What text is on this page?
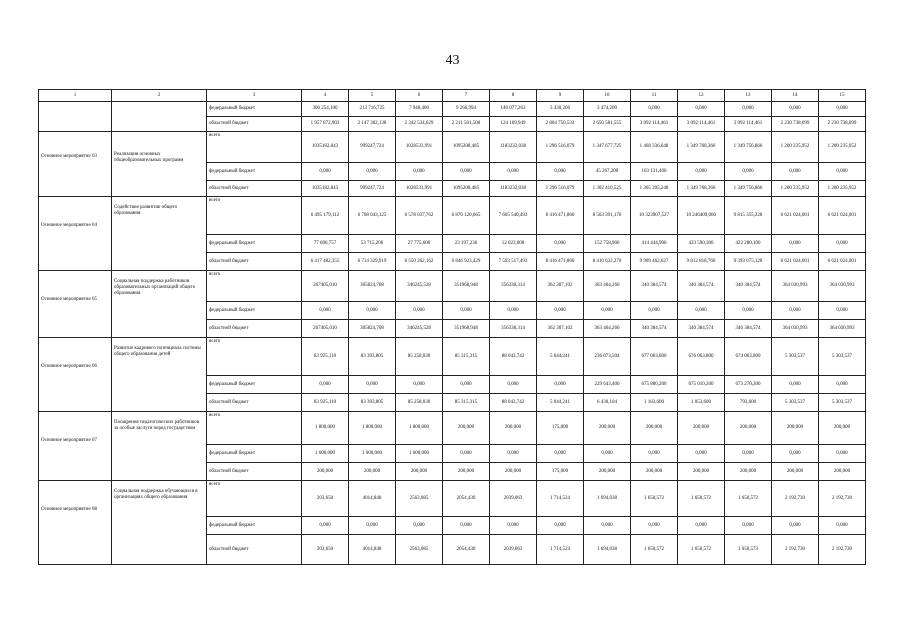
43
1	2	3	4	5	6	7	8	9	10	11	12	13	14	15
		федеральный бюджет	306 254,100	213 716,725	7 940,400	9 266,994	140 077,263	3 430,266	3 474,200	0,000	0,000	0,000	0,000	0,000
		областной бюджет	1 957 872,903	2 147 382,138	2 342 534,629	2 211 501,500	124 169,949	2 804 750,533	2 650 581,555	3 092 114,461	3 092 114,461	3 092 114,461	2 230 738,099	2 230 738,099
Основное мероприятие 03	Реализация основных общеобразовательных программ	всего	1035182,843	999247,724	1028533,991	1095208,485	1183232,038	1 296 516,079	1 347 677,725	1 468 336,648	1 349 768,366	1 349 756,866	1 200 235,952	1 200 235,952
		федеральный бюджет	0,000	0,000	0,000	0,000	0,000	0,000	45 267,200	103 131,400	0,000	0,000	0,000	0,000
		областной бюджет	1035182,843	999247,724	1028533,991	1095208,485	1183232,038	1 296 516,079	1 302 410,525	1 365 205,248	1 349 768,366	1 349 756,866	1 200 235,952	1 200 235,952
Основное мероприятие 04	Содействие развитию общего образования	всего	6 495 179,112	6 768 043,125	6 578 037,762	6 870 120,665	7 605 540,493	8 416 471,860	8 563 391,170	10 323907,527	10 246409,060	9 815 355,228	6 621 024,001	6 621 024,001
		федеральный бюджет	77 696,757	53 715,206	27 775,600	23 197,236	12 023,000	0,000	152 758,900	414 444,900	433 590,300	422 280,100	0,000	0,000
		областной бюджет	6 417 482,355	6 714 329,919	6 550 262,162	6 846 923,429	7 593 517,493	8 416 471,860	8 410 632,270	9 909 462,627	9 812 818,760	9 393 075,128	6 621 024,001	6 621 024,001
Основное мероприятие 05	Социальная поддержка работников образовательных организаций общего образования	всего	267405,010	305824,708	346245,528	351968,948	356338,314	362 307,102	363 464,260	340 384,574	340 384,574	340 384,574	364 030,993	364 030,993
		федеральный бюджет	0,000	0,000	0,000	0,000	0,000	0,000	0,000	0,000	0,000	0,000	0,000	0,000
		областной бюджет	267405,010	305824,708	346245,528	351968,948	356338,314	362 307,102	363 464,260	340 384,574	340 384,574	340 384,574	364 030,993	364 030,993
Основное мероприятие 06	Развитие кадрового потенциала системы общего образования детей	всего	83 925,110	83 393,805	85 258,030	85 315,315	88 043,742	5 044,241	236 073,504	677 063,800	676 063,800	674 063,800	5 303,537	5 303,537
		федеральный бюджет	0,000	0,000	0,000	0,000	0,000	0,000	229 643,400	675 880,200	675 010,200	673 270,200	0,000	0,000
		областной бюджет	83 925,110	83 393,805	85 258,030	85 315,315	88 043,742	5 044,241	6 430,104	1 183,600	1 053,600	793,600	5 303,537	5 303,537
Основное мероприятие 07	Поощрение педагогических работников за особые заслуги перед государством	всего	1 800,000	1 800,000	1 800,000	200,000	200,000	175,000	200,000	200,000	200,000	200,000	200,000	200,000
		федеральный бюджет	1 600,000	1 600,000	1 600,000	0,000	0,000	0,000	0,000	0,000	0,000	0,000	0,000	0,000
		областной бюджет	200,000	200,000	200,000	200,000	200,000	175,000	200,000	200,000	200,000	200,000	200,000	200,000
Основное мероприятие 08	Социальная поддержка обучающихся в организациях общего образования	всего	203,650	4014,848	2563,085	2054,430	2039,063	1 714,524	1 694,038	1 650,572	1 650,572	1 650,572	2 192,730	2 192,730
		федеральный бюджет	0,000	0,000	0,000	0,000	0,000	0,000	0,000	0,000	0,000	0,000	0,000	0,000
		областной бюджет	203,650	4014,848	2563,085	2054,430	2039,063	1 714,524	1 694,038	1 650,572	1 650,572	1 650,573	2 192,730	2 192,730
